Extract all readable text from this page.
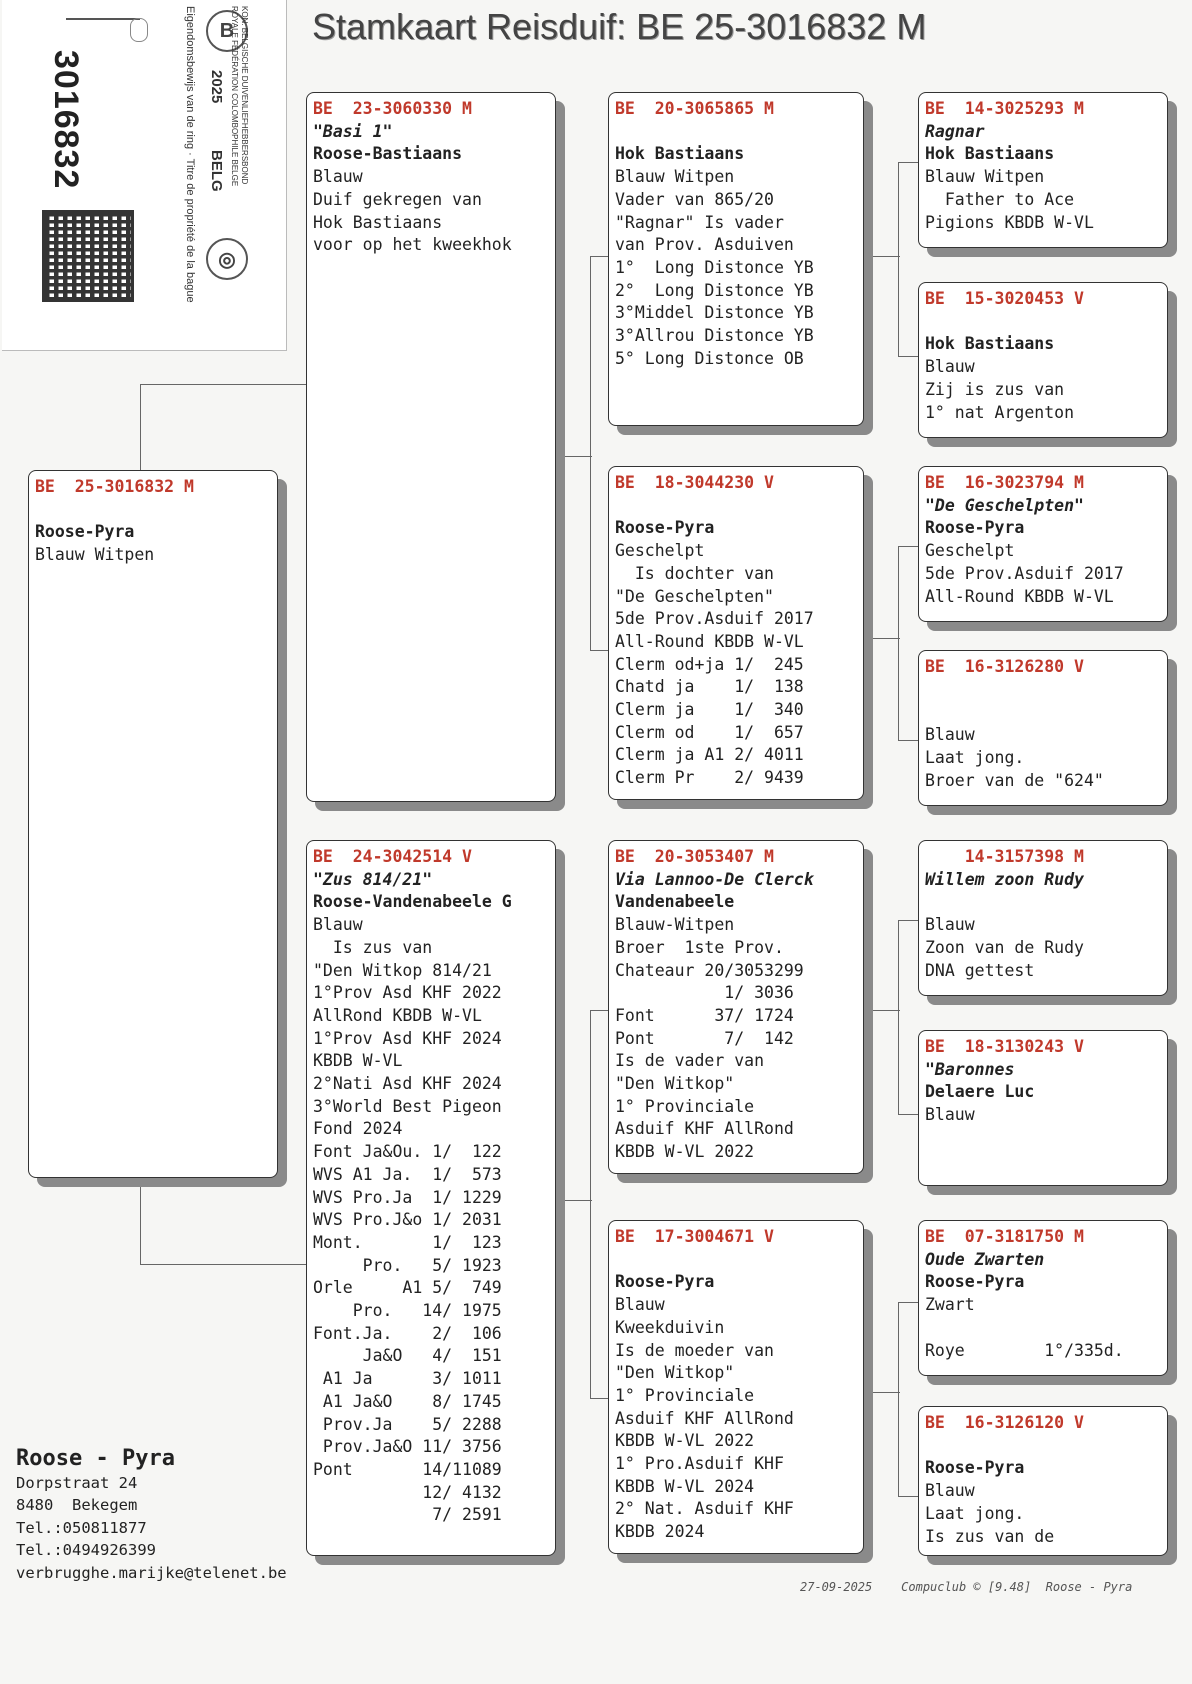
Stamkaart Reisduif: BE 25-3016832 M
3016832
B
◎
KON. BELGISCHE DUIVENLIEFHEBBERSBOND
ROYALE FÉDÉRATION COLOMBOPHILE BELGE
2025
BELG
Eigendomsbewijs van de ring · Titre de propriété de la bague
BE  25-3016832 M

Roose-Pyra
Blauw Witpen
BE  23-3060330 M
"Basi 1"
Roose-Bastiaans
Blauw
Duif gekregen van
Hok Bastiaans
voor op het kweekhok
BE  24-3042514 V
"Zus 814/21"
Roose-Vandenabeele G
Blauw
Is zus van
"Den Witkop 814/21
1°Prov Asd KHF 2022
AllRond KBDB W-VL
1°Prov Asd KHF 2024
KBDB W-VL
2°Nati Asd KHF 2024
3°World Best Pigeon
Fond 2024
Font Ja&Ou. 1/  122
WVS A1 Ja.  1/  573
WVS Pro.Ja  1/ 1229
WVS Pro.J&o 1/ 2031
Mont.       1/  123
Pro.   5/ 1923
Orle     A1 5/  749
Pro.   14/ 1975
Font.Ja.    2/  106
Ja&O   4/  151
A1 Ja      3/ 1011
A1 Ja&O    8/ 1745
Prov.Ja    5/ 2288
Prov.Ja&O 11/ 3756
Pont       14/11089
12/ 4132
7/ 2591
BE  20-3065865 M

Hok Bastiaans
Blauw Witpen
Vader van 865/20
"Ragnar" Is vader
van Prov. Asduiven
1°  Long Distonce YB
2°  Long Distonce YB
3°Middel Distonce YB
3°Allrou Distonce YB
5° Long Distonce OB
BE  18-3044230 V

Roose-Pyra
Geschelpt
Is dochter van
"De Geschelpten"
5de Prov.Asduif 2017
All-Round KBDB W-VL
Clerm od+ja 1/  245
Chatd ja    1/  138
Clerm ja    1/  340
Clerm od    1/  657
Clerm ja A1 2/ 4011
Clerm Pr    2/ 9439
BE  20-3053407 M
Via Lannoo-De Clerck
Vandenabeele
Blauw-Witpen
Broer  1ste Prov.
Chateaur 20/3053299
1/ 3036
Font      37/ 1724
Pont       7/  142
Is de vader van
"Den Witkop"
1° Provinciale
Asduif KHF AllRond
KBDB W-VL 2022
BE  17-3004671 V

Roose-Pyra
Blauw
Kweekduivin
Is de moeder van
"Den Witkop"
1° Provinciale
Asduif KHF AllRond
KBDB W-VL 2022
1° Pro.Asduif KHF
KBDB W-VL 2024
2° Nat. Asduif KHF
KBDB 2024
BE  14-3025293 M
Ragnar
Hok Bastiaans
Blauw Witpen
Father to Ace
Pigions KBDB W-VL
BE  15-3020453 V

Hok Bastiaans
Blauw
Zij is zus van
1° nat Argenton
BE  16-3023794 M
"De Geschelpten"
Roose-Pyra
Geschelpt
5de Prov.Asduif 2017
All-Round KBDB W-VL
BE  16-3126280 V

Blauw
Laat jong.
Broer van de "624"
14-3157398 M
Willem zoon Rudy

Blauw
Zoon van de Rudy
DNA gettest
BE  18-3130243 V
"Baronnes
Delaere Luc
Blauw
BE  07-3181750 M
Oude Zwarten
Roose-Pyra
Zwart

Roye        1°/335d.
BE  16-3126120 V

Roose-Pyra
Blauw
Laat jong.
Is zus van de
Roose - Pyra
Dorpstraat 24
8480  Bekegem
Tel.:050811877
Tel.:0494926399
verbrugghe.marijke@telenet.be
27-09-2025 Compuclub © [9.48] Roose - Pyra
